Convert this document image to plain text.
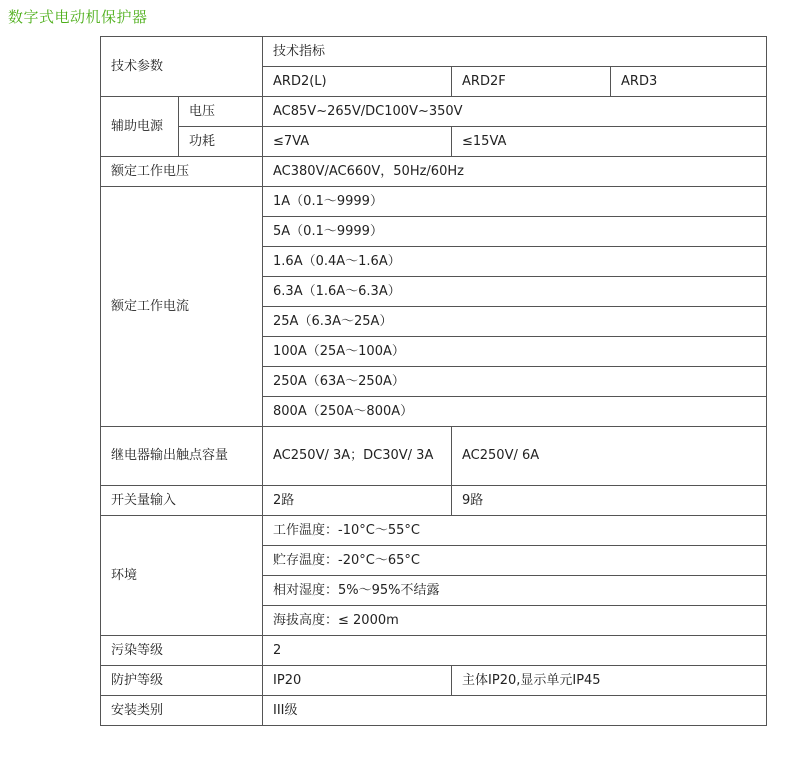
数字式电动机保护器
技术参数		技术指标		
		ARD2(L)	ARD2F	ARD3
辅助电源	电压	AC85V~265V/DC100V~350V		
	功耗	≤7VA	≤15VA	
额定工作电压		AC380V/AC660V，50Hz/60Hz		
额定工作电流		1A（0.1～9999）		
		5A（0.1～9999）		
		1.6A（0.4A～1.6A）		
		6.3A（1.6A～6.3A）		
		25A（6.3A～25A）		
		100A（25A～100A）		
		250A（63A～250A）		
		800A（250A～800A）		
继电器输出触点容量		AC250V/ 3A；DC30V/ 3A	AC250V/ 6A	
开关量输入		2路	9路	
环境		工作温度：-10°C～55°C		
		贮存温度：-20°C～65°C		
		相对湿度：5%～95%不结露		
		海拔高度：≤ 2000m		
污染等级		2		
防护等级		IP20	主体IP20,显示单元IP45	
安装类别		III级		
